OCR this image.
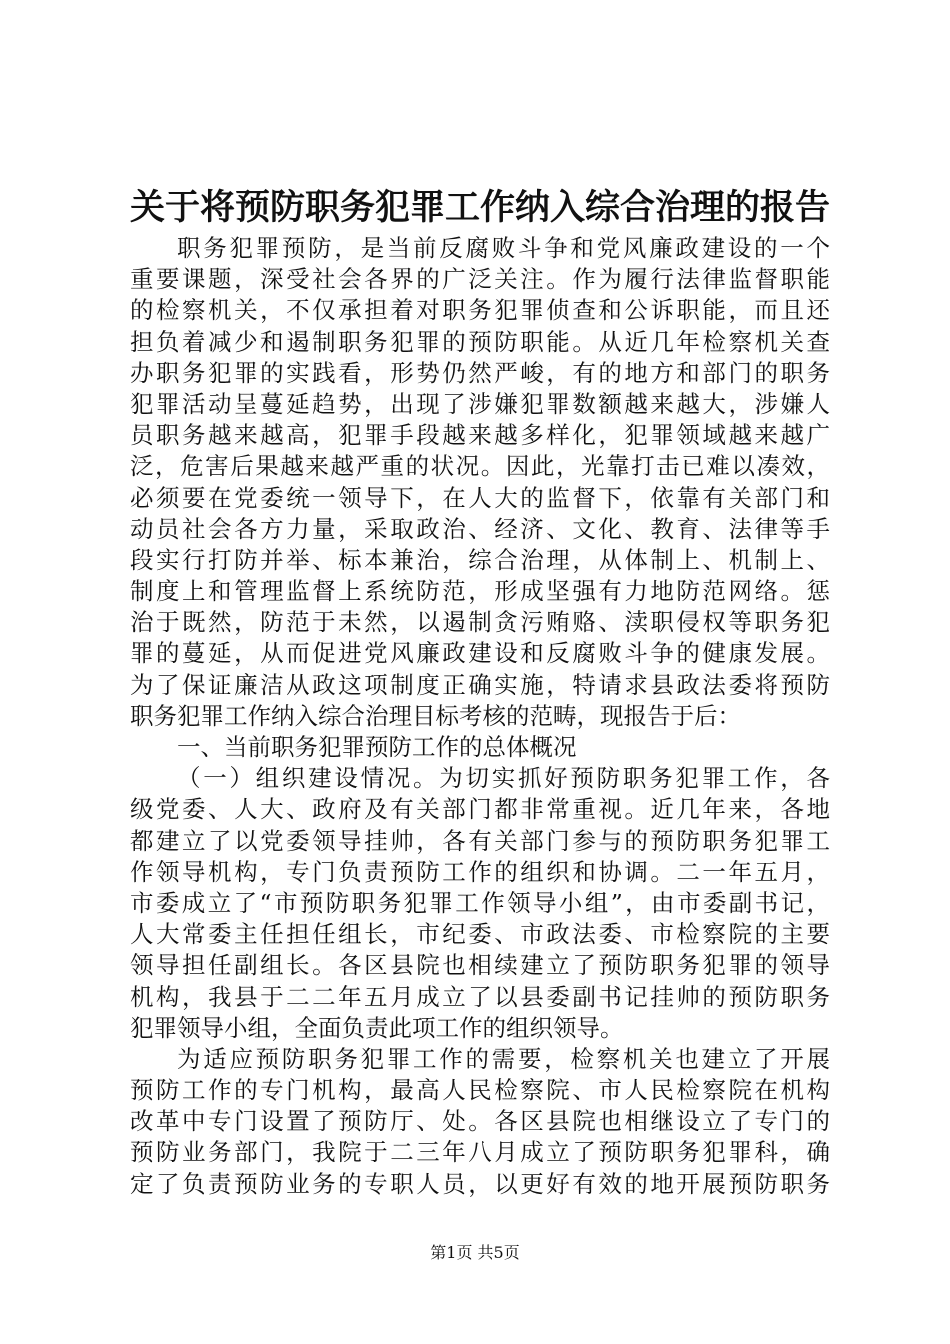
关于将预防职务犯罪工作纳入综合治理的报告
职务犯罪预防，是当前反腐败斗争和党风廉政建设的一个
重要课题，深受社会各界的广泛关注。作为履行法律监督职能
的检察机关，不仅承担着对职务犯罪侦查和公诉职能，而且还
担负着减少和遏制职务犯罪的预防职能。从近几年检察机关查
办职务犯罪的实践看，形势仍然严峻，有的地方和部门的职务
犯罪活动呈蔓延趋势，出现了涉嫌犯罪数额越来越大，涉嫌人
员职务越来越高，犯罪手段越来越多样化，犯罪领域越来越广
泛，危害后果越来越严重的状况。因此，光靠打击已难以凑效，
必须要在党委统一领导下，在人大的监督下，依靠有关部门和
动员社会各方力量，采取政治、经济、文化、教育、法律等手
段实行打防并举、标本兼治，综合治理，从体制上、机制上、
制度上和管理监督上系统防范，形成坚强有力地防范网络。惩
治于既然，防范于未然，以遏制贪污贿赂、渎职侵权等职务犯
罪的蔓延，从而促进党风廉政建设和反腐败斗争的健康发展。
为了保证廉洁从政这项制度正确实施，特请求县政法委将预防
职务犯罪工作纳入综合治理目标考核的范畴，现报告于后：
一、当前职务犯罪预防工作的总体概况
（一）组织建设情况。为切实抓好预防职务犯罪工作，各
级党委、人大、政府及有关部门都非常重视。近几年来，各地
都建立了以党委领导挂帅，各有关部门参与的预防职务犯罪工
作领导机构，专门负责预防工作的组织和协调。二一年五月，
市委成立了“市预防职务犯罪工作领导小组”，由市委副书记，
人大常委主任担任组长，市纪委、市政法委、市检察院的主要
领导担任副组长。各区县院也相续建立了预防职务犯罪的领导
机构，我县于二二年五月成立了以县委副书记挂帅的预防职务
犯罪领导小组，全面负责此项工作的组织领导。
为适应预防职务犯罪工作的需要，检察机关也建立了开展
预防工作的专门机构，最高人民检察院、市人民检察院在机构
改革中专门设置了预防厅、处。各区县院也相继设立了专门的
预防业务部门，我院于二三年八月成立了预防职务犯罪科，确
定了负责预防业务的专职人员，以更好有效的地开展预防职务
第1页 共5页
